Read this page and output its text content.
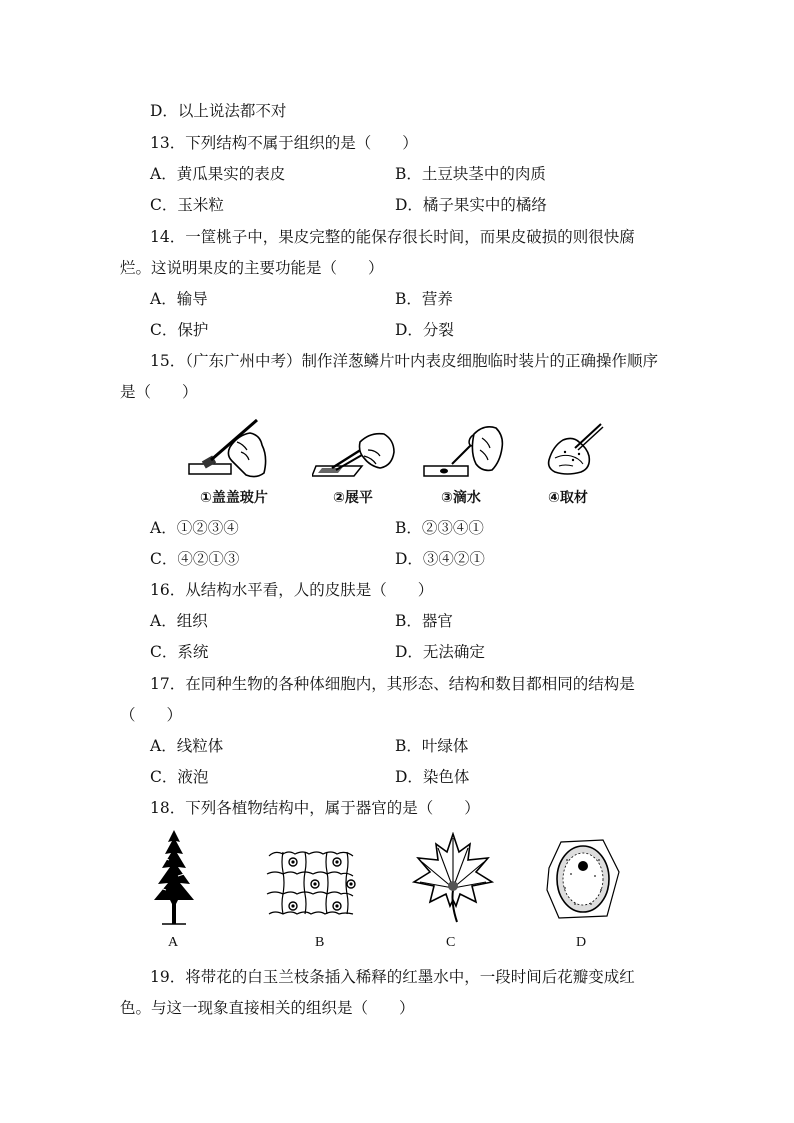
D．以上说法都不对
13．下列结构不属于组织的是（　　）
A．黄瓜果实的表皮	B．土豆块茎中的肉质
C．玉米粒	D．橘子果实中的橘络
14．一筐桃子中，果皮完整的能保存很长时间，而果皮破损的则很快腐
烂。这说明果皮的主要功能是（　　）
A．输导	B．营养
C．保护	D．分裂
15．（广东广州中考）制作洋葱鳞片叶内表皮细胞临时装片的正确操作顺序
是（　　）
①盖盖玻片	②展平	③滴水	④取材
A．①②③④	B．②③④①
C．④②①③	D．③④②①
16．从结构水平看，人的皮肤是（　　）
A．组织	B．器官
C．系统	D．无法确定
17．在同种生物的各种体细胞内，其形态、结构和数目都相同的结构是
（　　）
A．线粒体	B．叶绿体
C．液泡	D．染色体
18．下列各植物结构中，属于器官的是（　　）
A	B	C	D
19．将带花的白玉兰枝条插入稀释的红墨水中，一段时间后花瓣变成红
色。与这一现象直接相关的组织是（　　）
